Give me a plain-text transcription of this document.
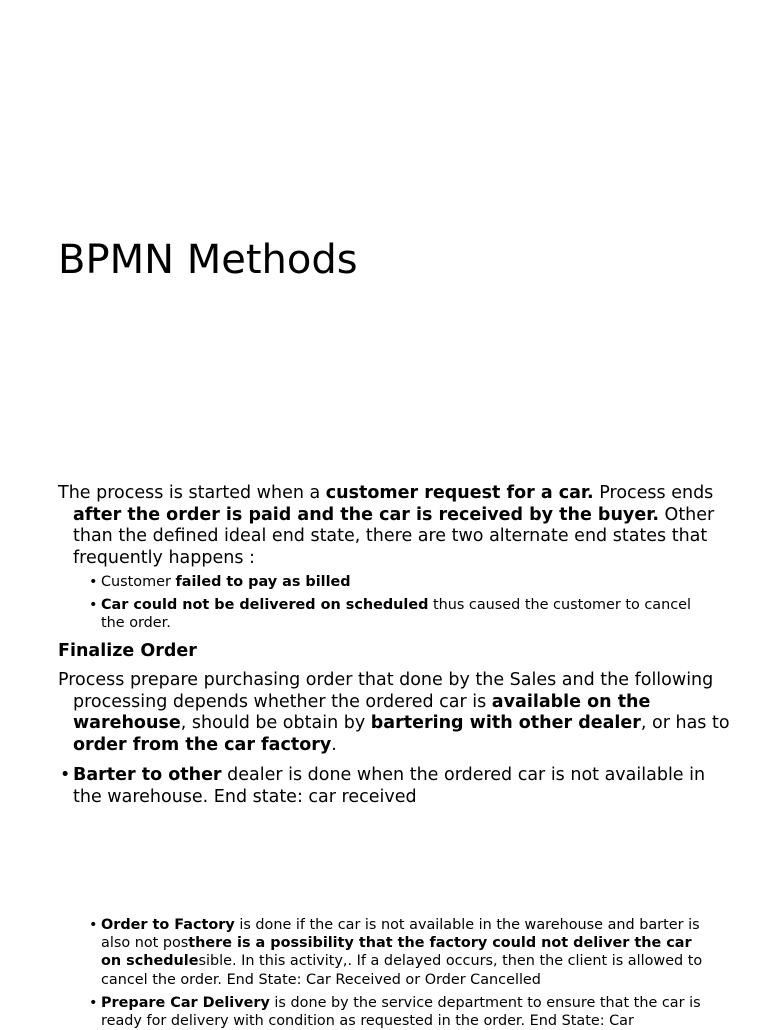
BPMN Methods

The process is started when a customer request for a car. Process ends after the order is paid and the car is received by the buyer. Other than the defined ideal end state, there are two alternate end states that frequently happens :

• Customer failed to pay as billed

• Car could not be delivered on scheduled thus caused the customer to cancel the order.

Finalize Order

Process prepare purchasing order that done by the Sales and the following processing depends whether the ordered car is available on the warehouse, should be obtain by bartering with other dealer, or has to order from the car factory.

• Barter to other dealer is done when the ordered car is not available in the warehouse. End state: car received

• Order to Factory is done if the car is not available in the warehouse and barter is also not posthere is a possibility that the factory could not deliver the car on schedulesible. In this activity,. If a delayed occurs, then the client is allowed to cancel the order. End State: Car Received or Order Cancelled

• Prepare Car Delivery is done by the service department to ensure that the car is ready for delivery with condition as requested in the order. End State: Car
